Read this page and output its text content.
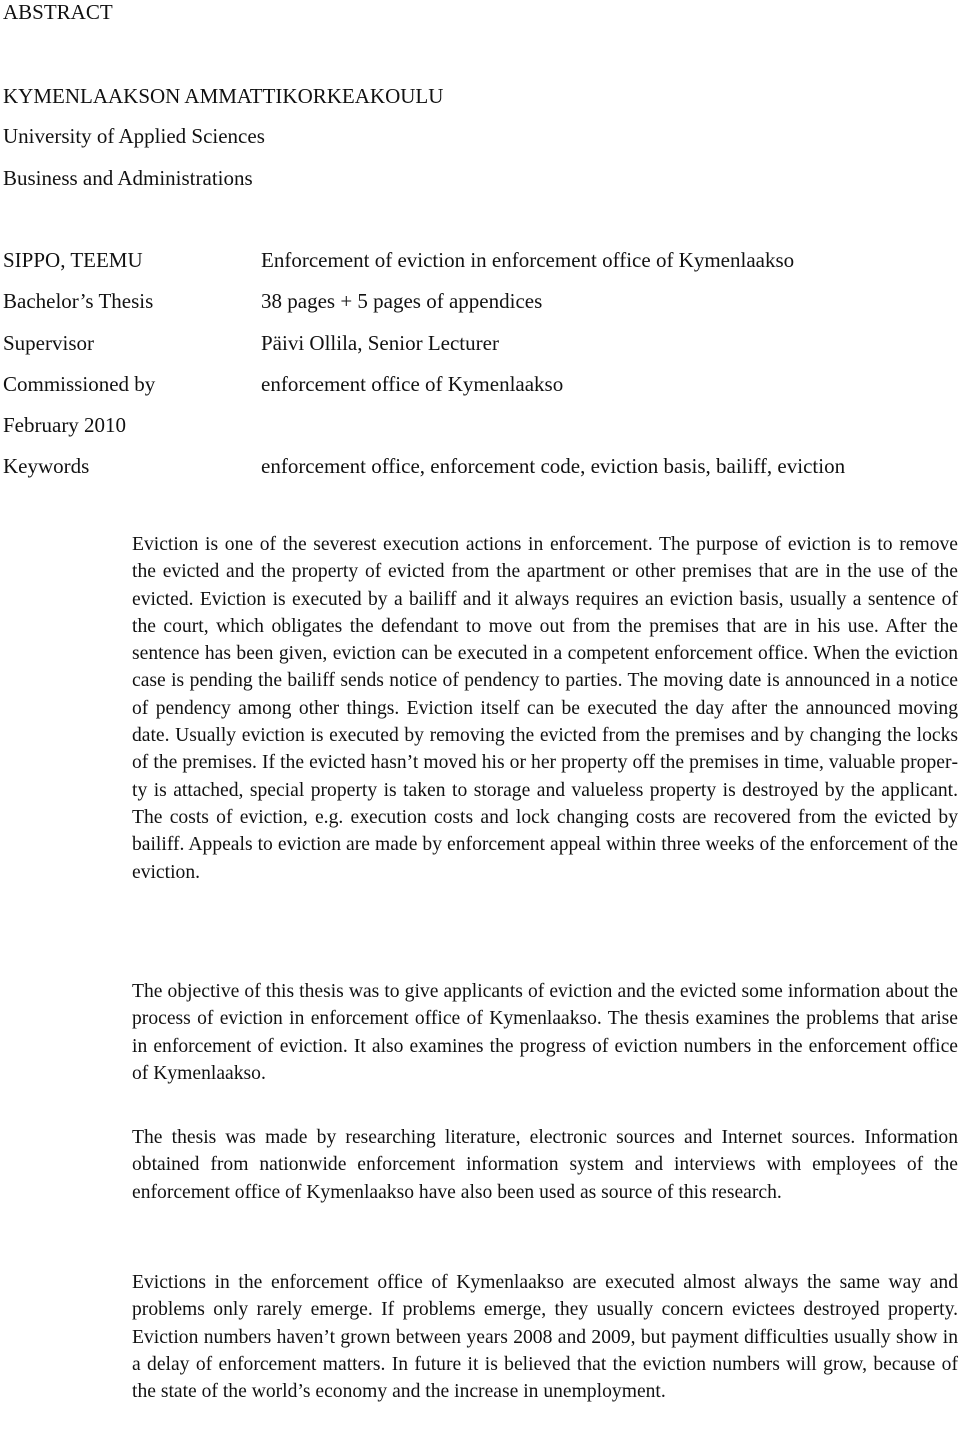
ABSTRACT
KYMENLAAKSON AMMATTIKORKEAKOULU
University of Applied Sciences
Business and Administrations
SIPPO, TEEMU	Enforcement of eviction in enforcement office of Kymenlaakso
Bachelor’s Thesis	38 pages + 5 pages of appendices
Supervisor	Päivi Ollila, Senior Lecturer
Commissioned by	enforcement office of Kymenlaakso
February 2010
Keywords	enforcement office, enforcement code, eviction basis, bailiff, eviction

Eviction is one of the severest execution actions in enforcement. The purpose of eviction is to remove the evicted and the property of evicted from the apartment or other premises that are in the use of the evicted. Eviction is executed by a bailiff and it always requires an eviction basis, usually a sentence of the court, which obligates the defendant to move out from the premises that are in his use. After the sentence has been given, eviction can be executed in a competent enforcement office. When the eviction case is pending the bailiff sends notice of pendency to parties. The moving date is announced in a notice of pendency among other things. Eviction itself can be executed the day after the announced moving date. Usually eviction is executed by removing the evicted from the premises and by changing the locks of the premises. If the evicted hasn’t moved his or her property off the premises in time, valuable property is attached, special property is taken to storage and valueless property is destroyed by the applicant. The costs of eviction, e.g. execution costs and lock changing costs are recovered from the evicted by bailiff. Appeals to eviction are made by enforcement appeal within three weeks of the enforcement of the eviction.

The objective of this thesis was to give applicants of eviction and the evicted some information about the process of eviction in enforcement office of Kymenlaakso. The thesis examines the problems that arise in enforcement of eviction. It also examines the progress of eviction numbers in the enforcement office of Kymenlaakso.

The thesis was made by researching literature, electronic sources and Internet sources. Information obtained from nationwide enforcement information system and interviews with employees of the enforcement office of Kymenlaakso have also been used as source of this research.

Evictions in the enforcement office of Kymenlaakso are executed almost always the same way and problems only rarely emerge. If problems emerge, they usually concern evictees destroyed property. Eviction numbers haven’t grown between years 2008 and 2009, but payment difficulties usually show in a delay of enforcement matters. In future it is believed that the eviction numbers will grow, because of the state of the world’s economy and the increase in unemployment.
